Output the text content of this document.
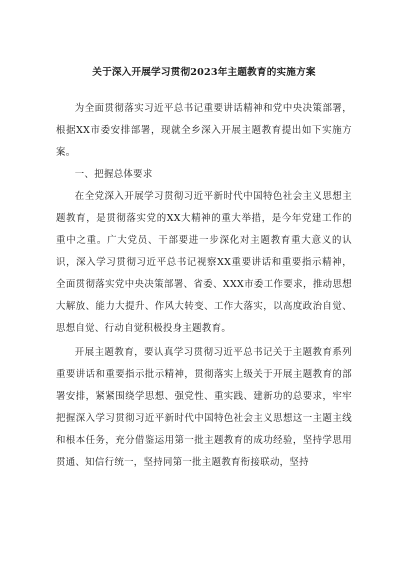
关于深入开展学习贯彻2023年主题教育的实施方案

为全面贯彻落实习近平总书记重要讲话精神和党中央决策部署，根据XX市委安排部署，现就全乡深入开展主题教育提出如下实施方案。

一、把握总体要求

在全党深入开展学习贯彻习近平新时代中国特色社会主义思想主题教育，是贯彻落实党的XX大精神的重大举措，是今年党建工作的重中之重。广大党员、干部要进一步深化对主题教育重大意义的认识，深入学习贯彻习近平总书记视察XX重要讲话和重要指示精神，全面贯彻落实党中央决策部署、省委、XXX市委工作要求，推动思想大解放、能力大提升、作风大转变、工作大落实，以高度政治自觉、思想自觉、行动自觉积极投身主题教育。

开展主题教育，要认真学习贯彻习近平总书记关于主题教育系列重要讲话和重要指示批示精神，贯彻落实上级关于开展主题教育的部署安排，紧紧围绕学思想、强党性、重实践、建新功的总要求，牢牢把握深入学习贯彻习近平新时代中国特色社会主义思想这一主题主线和根本任务，充分借鉴运用第一批主题教育的成功经验，坚持学思用贯通、知信行统一，坚持同第一批主题教育衔接联动，坚持
